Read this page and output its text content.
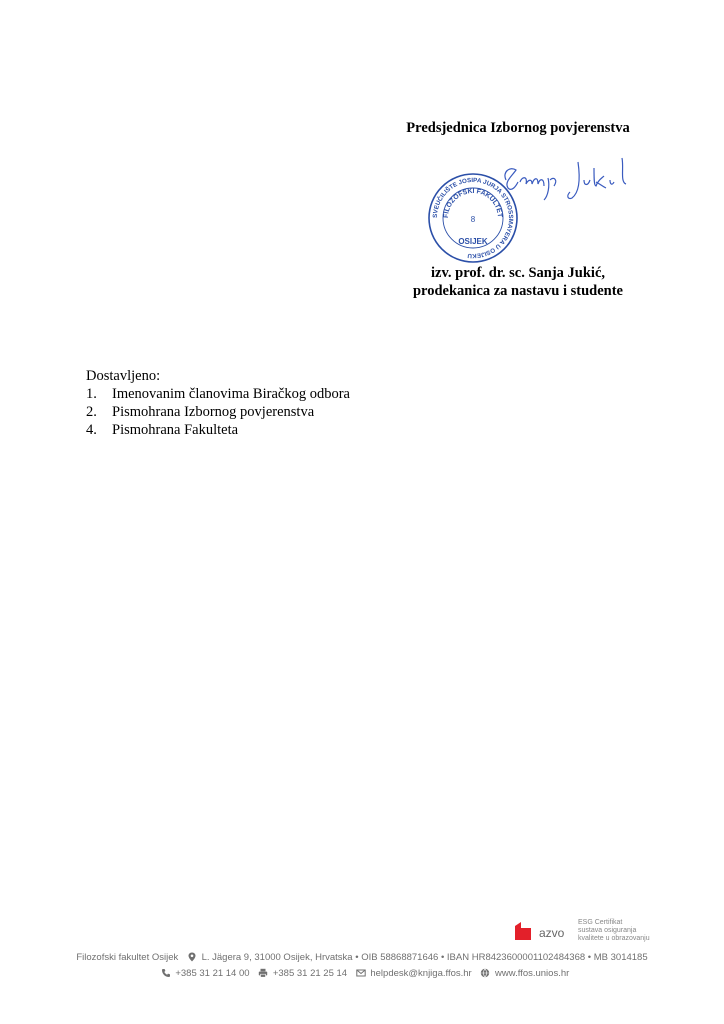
Predsjednica Izbornog povjerenstva
SVEUČILIŠTE JOSIPA JURJA STROSSMAYERA U OSIJEKU
FILOZOFSKI FAKULTET
8
OSIJEK
izv. prof. dr. sc. Sanja Jukić,
prodekanica za nastavu i studente
Dostavljeno:
1.	Imenovanim članovima Biračkog odbora
2.	Pismohrana Izbornog povjerenstva
4.	Pismohrana Fakulteta
azvo
ESG Certifikat
sustava osiguranja
kvalitete u obrazovanju
Filozofski fakultet Osijek L. Jägera 9, 31000 Osijek, Hrvatska • OIB 58868871646 • IBAN HR8423600001102484368 • MB 3014185
+385 31 21 14 00 +385 31 21 25 14 helpdesk@knjiga.ffos.hr www.ffos.unios.hr
